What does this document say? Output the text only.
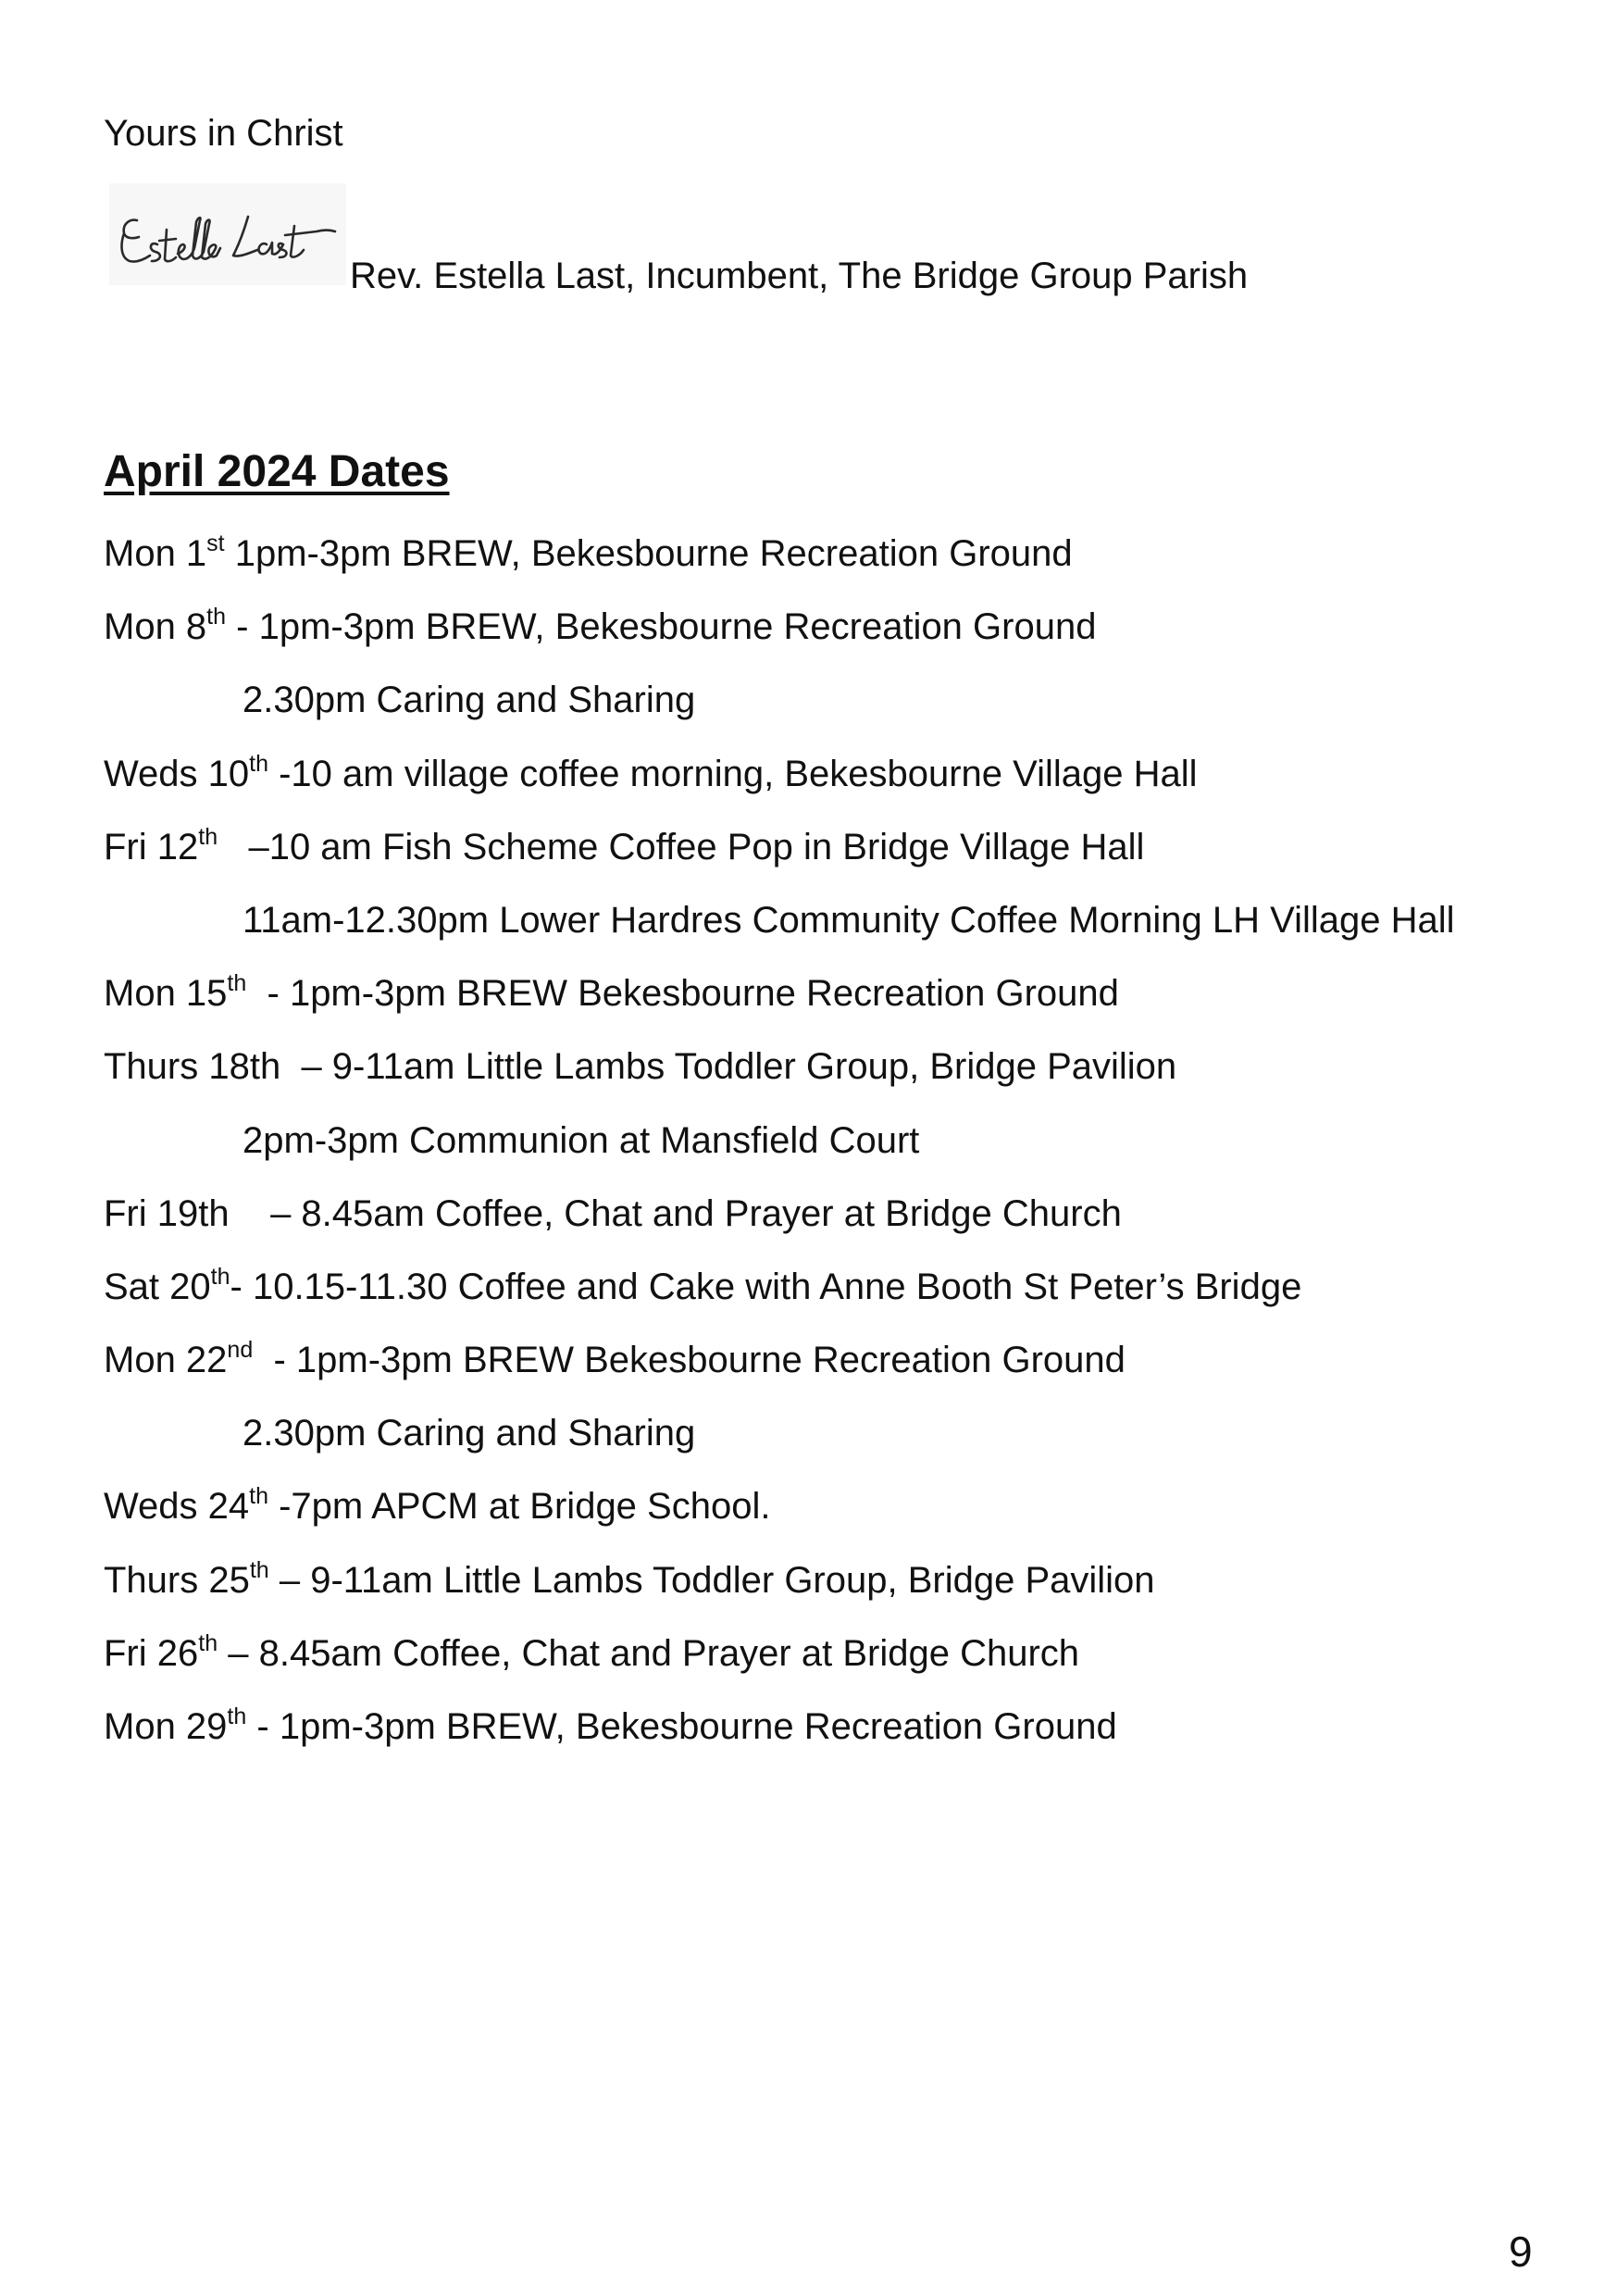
Yours in Christ

Rev. Estella Last, Incumbent, The Bridge Group Parish

April 2024 Dates
Mon 1st 1pm-3pm BREW, Bekesbourne Recreation Ground
Mon 8th - 1pm-3pm BREW, Bekesbourne Recreation Ground
2.30pm Caring and Sharing
Weds 10th -10 am village coffee morning, Bekesbourne Village Hall
Fri 12th   –10 am Fish Scheme Coffee Pop in Bridge Village Hall
11am-12.30pm Lower Hardres Community Coffee Morning LH Village Hall
Mon 15th  - 1pm-3pm BREW Bekesbourne Recreation Ground
Thurs 18th  – 9-11am Little Lambs Toddler Group, Bridge Pavilion
2pm-3pm Communion at Mansfield Court
Fri 19th    – 8.45am Coffee, Chat and Prayer at Bridge Church
Sat 20th- 10.15-11.30 Coffee and Cake with Anne Booth St Peter’s Bridge
Mon 22nd  - 1pm-3pm BREW Bekesbourne Recreation Ground
2.30pm Caring and Sharing
Weds 24th -7pm APCM at Bridge School.
Thurs 25th – 9-11am Little Lambs Toddler Group, Bridge Pavilion
Fri 26th – 8.45am Coffee, Chat and Prayer at Bridge Church
Mon 29th - 1pm-3pm BREW, Bekesbourne Recreation Ground

9
